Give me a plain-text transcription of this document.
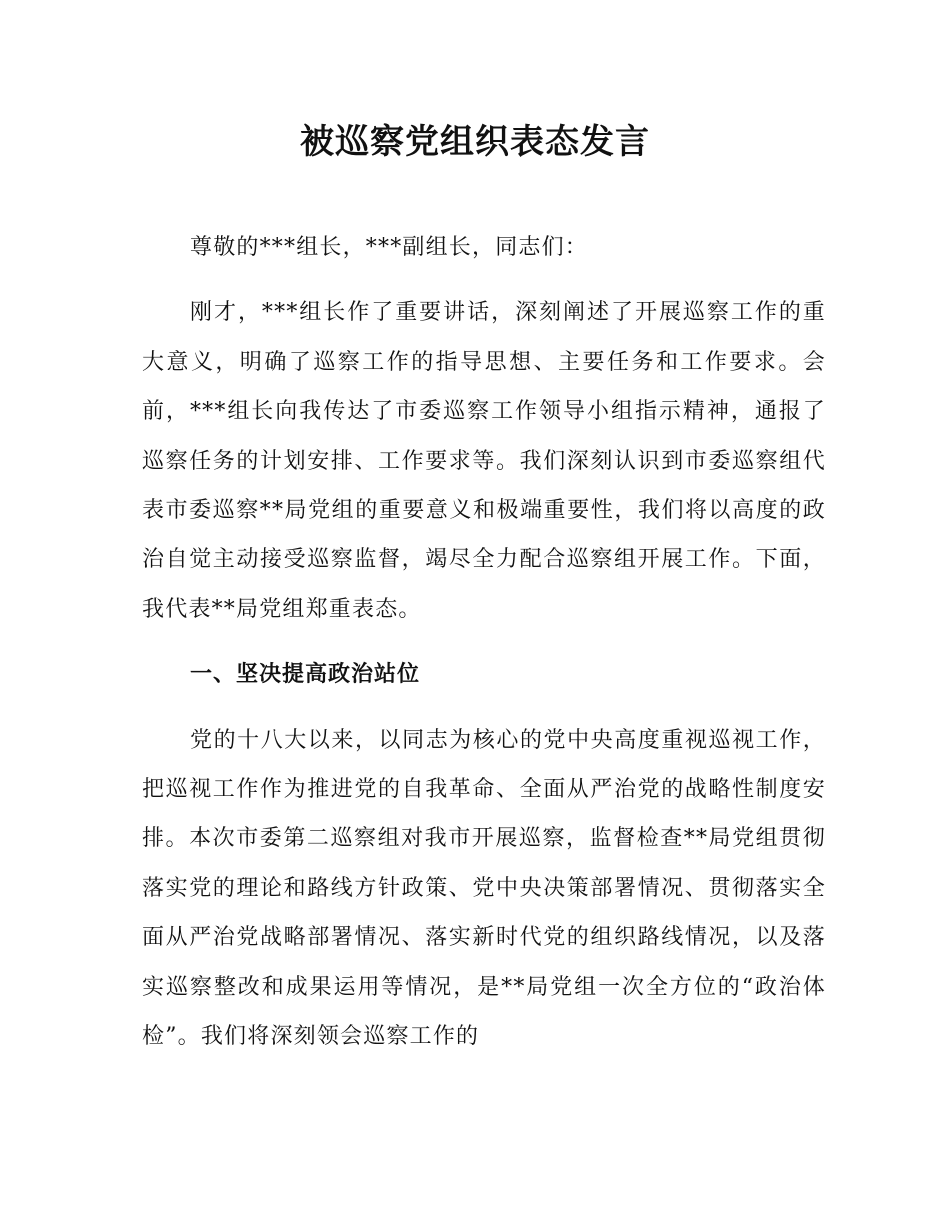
被巡察党组织表态发言

尊敬的***组长，***副组长，同志们：

刚才，***组长作了重要讲话，深刻阐述了开展巡察工作的重大意义，明确了巡察工作的指导思想、主要任务和工作要求。会前，***组长向我传达了市委巡察工作领导小组指示精神，通报了巡察任务的计划安排、工作要求等。我们深刻认识到市委巡察组代表市委巡察**局党组的重要意义和极端重要性，我们将以高度的政治自觉主动接受巡察监督，竭尽全力配合巡察组开展工作。下面，我代表**局党组郑重表态。

一、坚决提高政治站位

党的十八大以来，以同志为核心的党中央高度重视巡视工作，把巡视工作作为推进党的自我革命、全面从严治党的战略性制度安排。本次市委第二巡察组对我市开展巡察，监督检查**局党组贯彻落实党的理论和路线方针政策、党中央决策部署情况、贯彻落实全面从严治党战略部署情况、落实新时代党的组织路线情况，以及落实巡察整改和成果运用等情况，是**局党组一次全方位的“政治体检”。我们将深刻领会巡察工作的
